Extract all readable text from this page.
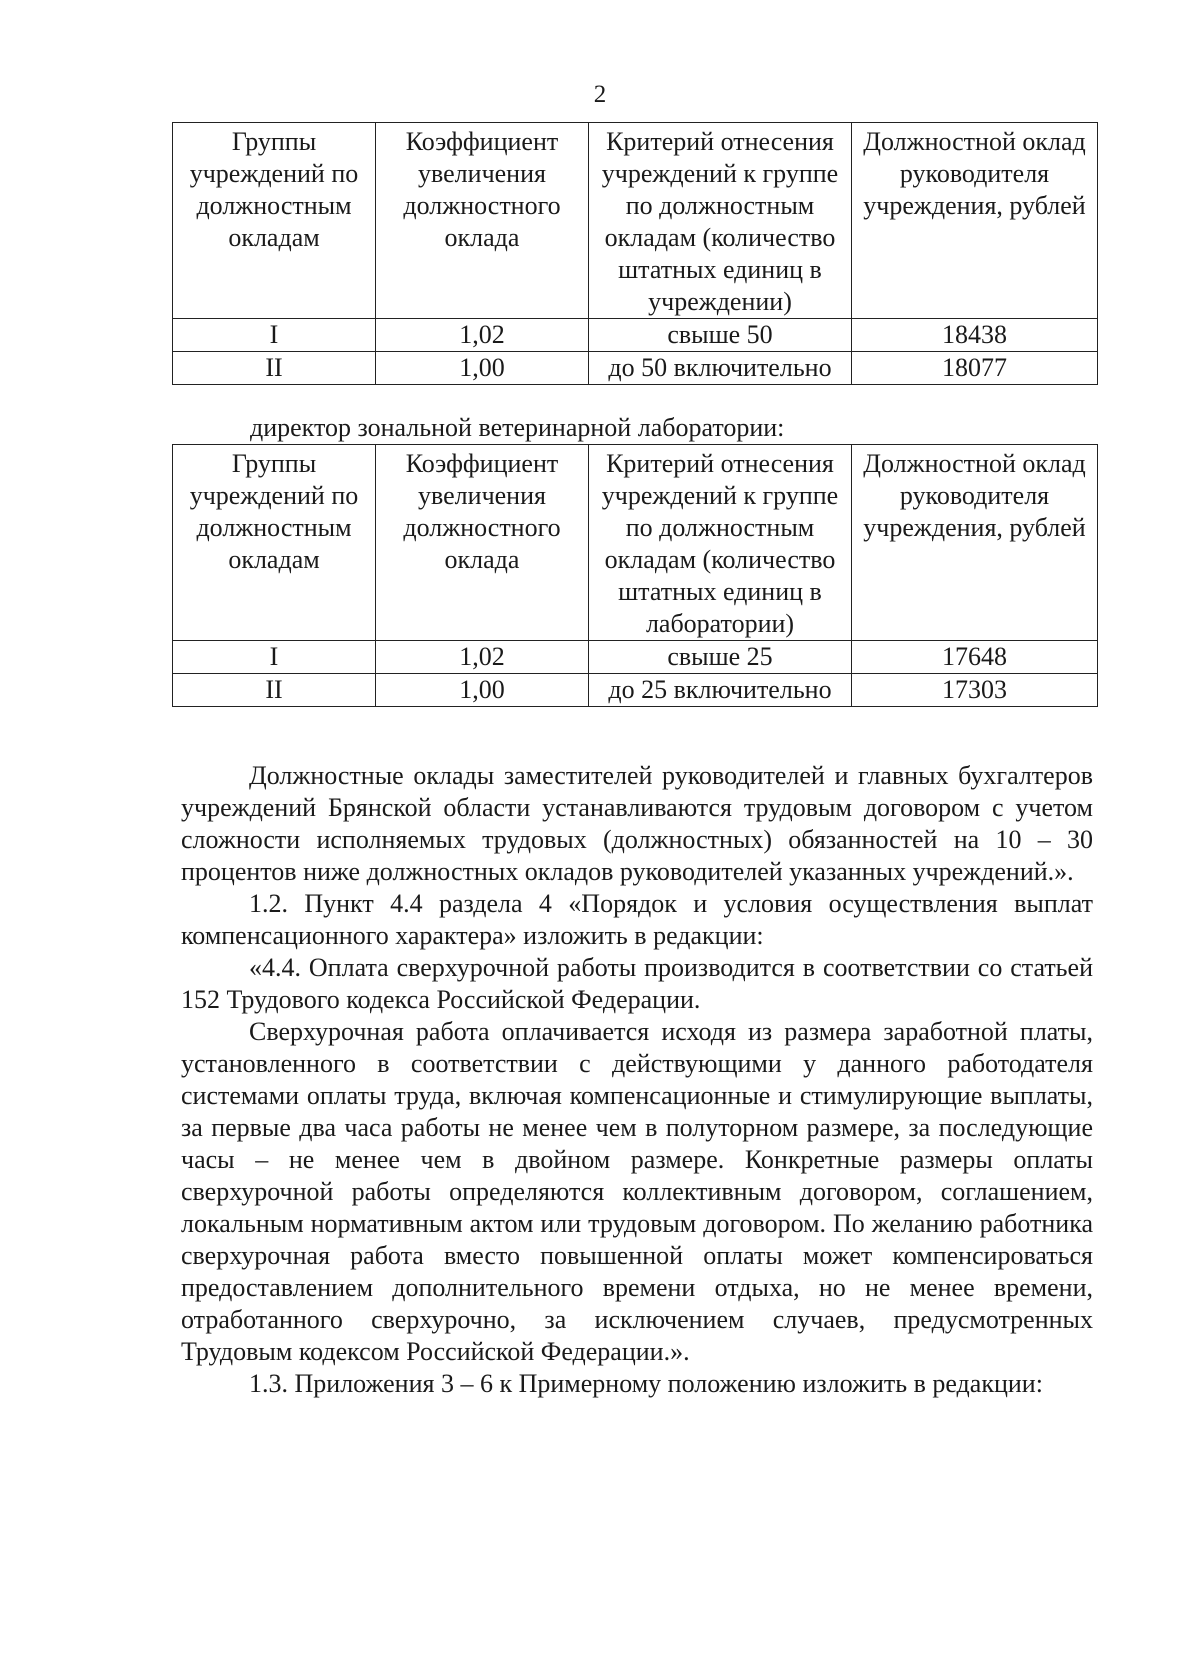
2
Группы учреждений по должностным окладам	Коэффициент увеличения должностного оклада	Критерий отнесения учреждений к группе по должностным окладам (количество штатных единиц в учреждении)	Должностной оклад руководителя учреждения, рублей
I	1,02	свыше 50	18438
II	1,00	до 50 включительно	18077
директор зональной ветеринарной лаборатории:
Группы учреждений по должностным окладам	Коэффициент увеличения должностного оклада	Критерий отнесения учреждений к группе по должностным окладам (количество штатных единиц в лаборатории)	Должностной оклад руководителя учреждения, рублей
I	1,02	свыше 25	17648
II	1,00	до 25 включительно	17303

Должностные оклады заместителей руководителей и главных бухгалтеров учреждений Брянской области устанавливаются трудовым договором с учетом сложности исполняемых трудовых (должностных) обязанностей на 10 – 30 процентов ниже должностных окладов руководителей указанных учреждений.».

1.2. Пункт 4.4 раздела 4 «Порядок и условия осуществления выплат компенсационного характера» изложить в редакции:

«4.4. Оплата сверхурочной работы производится в соответствии со статьей 152 Трудового кодекса Российской Федерации.

Сверхурочная работа оплачивается исходя из размера заработной платы, установленного в соответствии с действующими у данного работодателя системами оплаты труда, включая компенсационные и стимулирующие выплаты, за первые два часа работы не менее чем в полуторном размере, за последующие часы – не менее чем в двойном размере. Конкретные размеры оплаты сверхурочной работы определяются коллективным договором, соглашением, локальным нормативным актом или трудовым договором. По желанию работника сверхурочная работа вместо повышенной оплаты может компенсироваться предоставлением дополнительного времени отдыха, но не менее времени, отработанного сверхурочно, за исключением случаев, предусмотренных Трудовым кодексом Российской Федерации.».

1.3. Приложения 3 – 6 к Примерному положению изложить в редакции:
